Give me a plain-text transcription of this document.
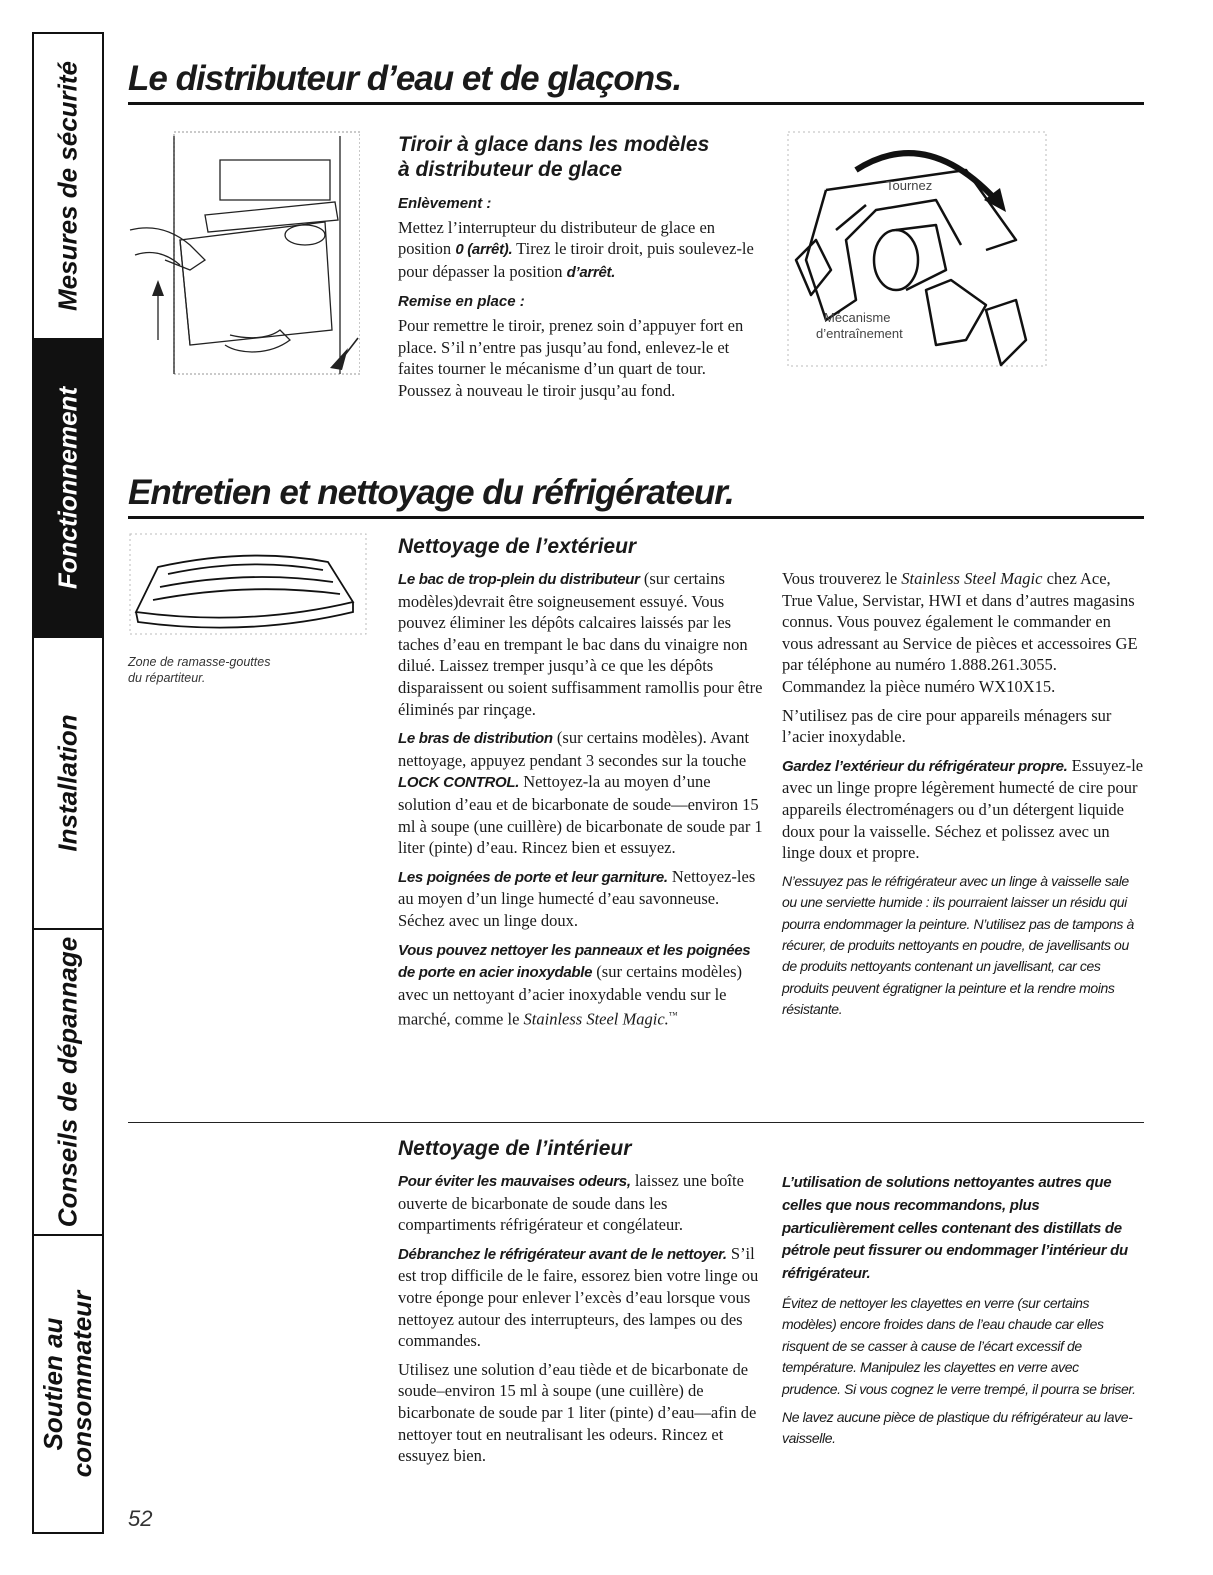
Mesures de sécurité
Fonctionnement
Installation
Conseils de dépannage
Soutien au consommateur
Le distributeur d’eau et de glaçons.
Tiroir à glace dans les modèles
à distributeur de glace
Enlèvement :

Mettez l’interrupteur du distributeur de glace en position 0 (arrêt). Tirez le tiroir droit, puis soulevez-le pour dépasser la position d’arrêt.

Remise en place :

Pour remettre le tiroir, prenez soin d’appuyer fort en place. S’il n’entre pas jusqu’au fond, enlevez-le et faites tourner le mécanisme d’un quart de tour. Poussez à nouveau le tiroir jusqu’au fond.

Tournez
Mécanisme
d’entraînement
Entretien et nettoyage du réfrigérateur.
Zone de ramasse-gouttes
du répartiteur.
Nettoyage de l’extérieur

Le bac de trop-plein du distributeur (sur certains modèles)devrait être soigneusement essuyé. Vous pouvez éliminer les dépôts calcaires laissés par les taches d’eau en trempant le bac dans du vinaigre non dilué. Laissez tremper jusqu’à ce que les dépôts disparaissent ou soient suffisamment ramollis pour être éliminés par rinçage.

Le bras de distribution (sur certains modèles). Avant nettoyage, appuyez pendant 3 secondes sur la touche LOCK CONTROL. Nettoyez-la au moyen d’une solution d’eau et de bicarbonate de soude—environ 15 ml à soupe (une cuillère) de bicarbonate de soude par 1 liter (pinte) d’eau. Rincez bien et essuyez.

Les poignées de porte et leur garniture. Nettoyez-les au moyen d’un linge humecté d’eau savonneuse. Séchez avec un linge doux.

Vous pouvez nettoyer les panneaux et les poignées de porte en acier inoxydable (sur certains modèles) avec un nettoyant d’acier inoxydable vendu sur le marché, comme le Stainless Steel Magic.™

Vous trouverez le Stainless Steel Magic chez Ace, True Value, Servistar, HWI et dans d’autres magasins connus. Vous pouvez également le commander en vous adressant au Service de pièces et accessoires GE par téléphone au numéro 1.888.261.3055. Commandez la pièce numéro WX10X15.

N’utilisez pas de cire pour appareils ménagers sur l’acier inoxydable.

Gardez l’extérieur du réfrigérateur propre. Essuyez-le avec un linge propre légèrement humecté de cire pour appareils électroménagers ou d’un détergent liquide doux pour la vaisselle. Séchez et polissez avec un linge doux et propre.

N’essuyez pas le réfrigérateur avec un linge à vaisselle sale ou une serviette humide : ils pourraient laisser un résidu qui pourra endommager la peinture. N’utilisez pas de tampons à récurer, de produits nettoyants en poudre, de javellisants ou de produits nettoyants contenant un javellisant, car ces produits peuvent égratigner la peinture et la rendre moins résistante.

Nettoyage de l’intérieur

Pour éviter les mauvaises odeurs, laissez une boîte ouverte de bicarbonate de soude dans les compartiments réfrigérateur et congélateur.

Débranchez le réfrigérateur avant de le nettoyer. S’il est trop difficile de le faire, essorez bien votre linge ou votre éponge pour enlever l’excès d’eau lorsque vous nettoyez autour des interrupteurs, des lampes ou des commandes.

Utilisez une solution d’eau tiède et de bicarbonate de soude–environ 15 ml à soupe (une cuillère) de bicarbonate de soude par 1 liter (pinte) d’eau—afin de nettoyer tout en neutralisant les odeurs. Rincez et essuyez bien.

L’utilisation de solutions nettoyantes autres que celles que nous recommandons, plus particulièrement celles contenant des distillats de pétrole peut fissurer ou endommager l’intérieur du réfrigérateur.

Évitez de nettoyer les clayettes en verre (sur certains modèles) encore froides dans de l’eau chaude car elles risquent de se casser à cause de l’écart excessif de température. Manipulez les clayettes en verre avec prudence. Si vous cognez le verre trempé, il pourra se briser.

Ne lavez aucune pièce de plastique du réfrigérateur au lave-vaisselle.

52
